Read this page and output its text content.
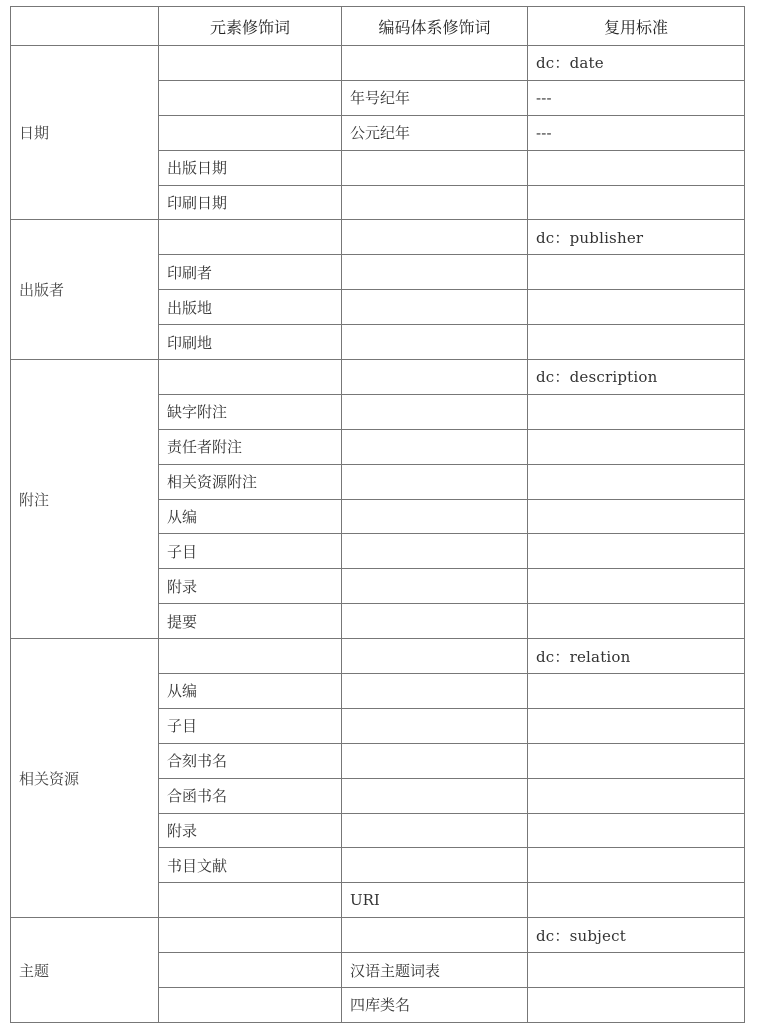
	元素修饰词	编码体系修饰词	复用标准
日期			dc：date
		年号纪年	---
		公元纪年	---
	出版日期		
	印刷日期		
出版者			dc：publisher
	印刷者		
	出版地		
	印刷地		
附注			dc：description
	缺字附注		
	责任者附注		
	相关资源附注		
	从编		
	子目		
	附录		
	提要		
相关资源			dc：relation
	从编		
	子目		
	合刻书名		
	合函书名		
	附录		
	书目文献		
		URI	
主题			dc：subject
		汉语主题词表	
		四库类名	
